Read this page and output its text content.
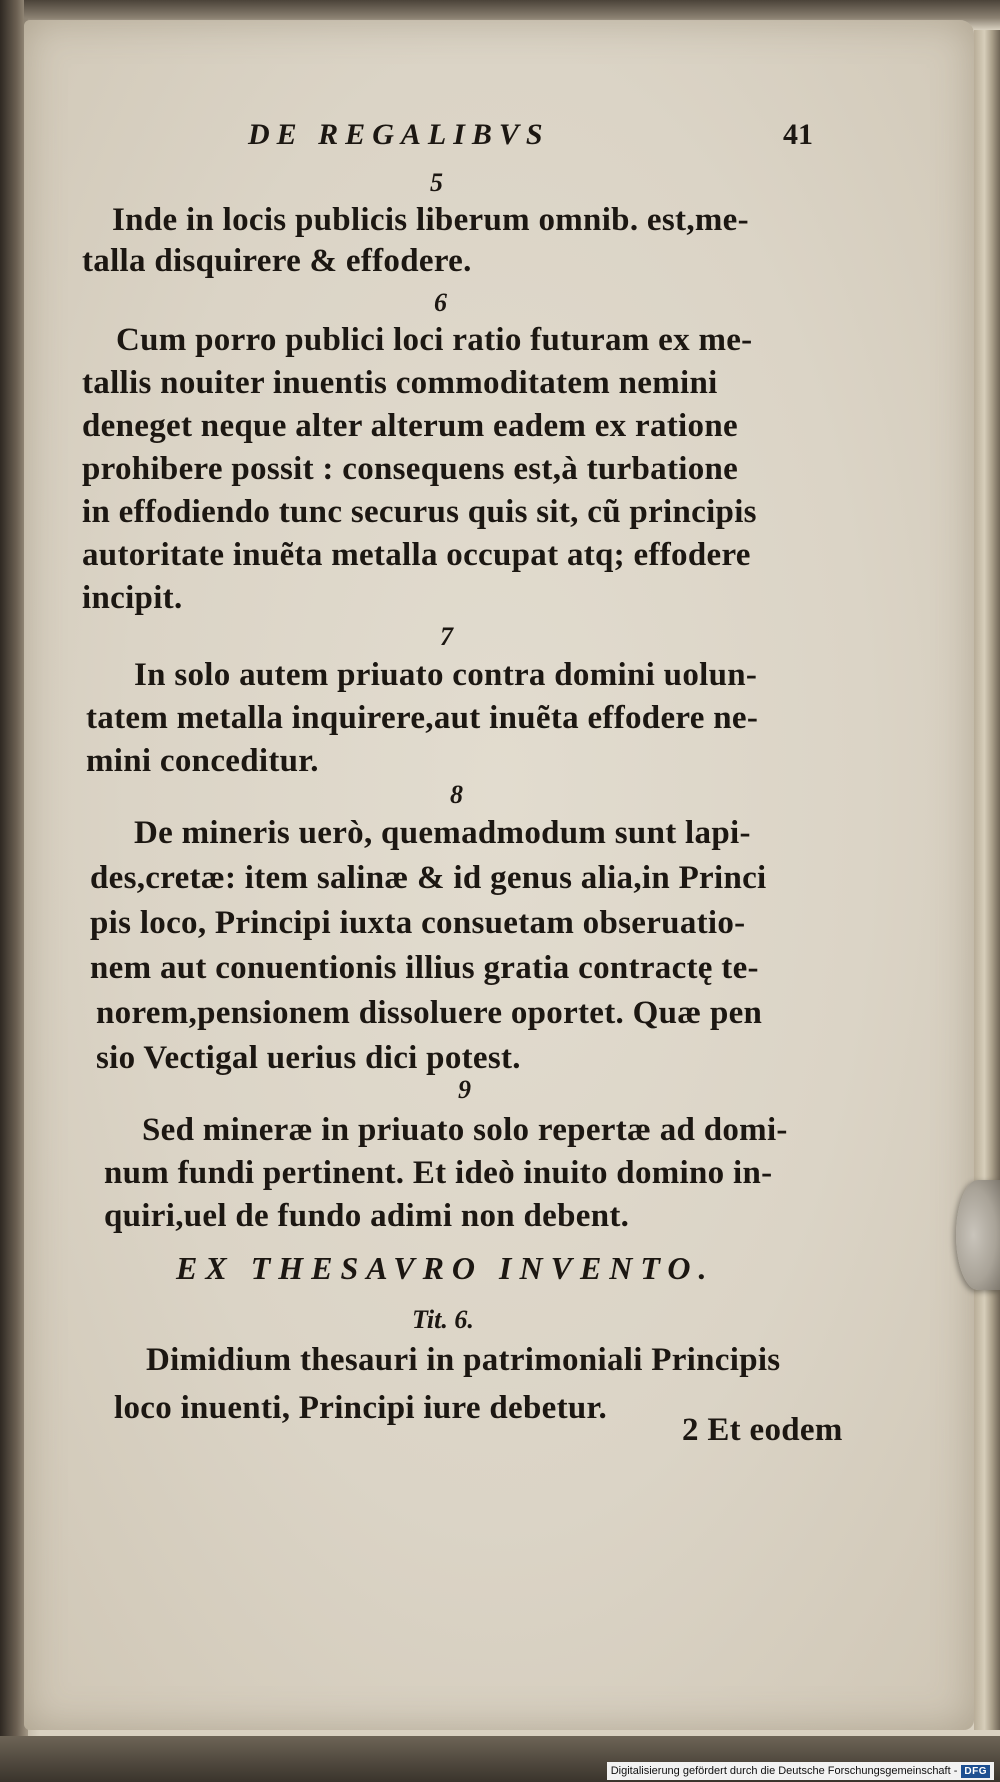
DE REGALIBVS	41
5
Inde in locis publicis liberum omnib. est,me-
talla disquirere & effodere.
6
Cum porro publici loci ratio futuram ex me-
tallis nouiter inuentis commoditatem nemini
deneget neque alter alterum eadem ex ratione
prohibere possit : consequens est,à turbatione
in effodiendo tunc securus quis sit, cũ principis
autoritate inuẽta metalla occupat atq; effodere
incipit.
7
In solo autem priuato contra domini uolun-
tatem metalla inquirere,aut inuẽta effodere ne-
mini conceditur.
8
De mineris uerò, quemadmodum sunt lapi-
des,cretæ: item salinæ & id genus alia,in Princi
pis loco, Principi iuxta consuetam obseruatio-
nem aut conuentionis illius gratia contractę te-
norem,pensionem dissoluere oportet. Quæ pen
sio Vectigal uerius dici potest.
9
Sed mineræ in priuato solo repertæ ad domi-
num fundi pertinent. Et ideò inuito domino in-
quiri,uel de fundo adimi non debent.
EX THESAVRO INVENTO.
Tit. 6.
Dimidium thesauri in patrimoniali Principis
loco inuenti, Principi iure debetur.
2 Et eodem
Digitalisierung gefördert durch die Deutsche Forschungsgemeinschaft - DFG
